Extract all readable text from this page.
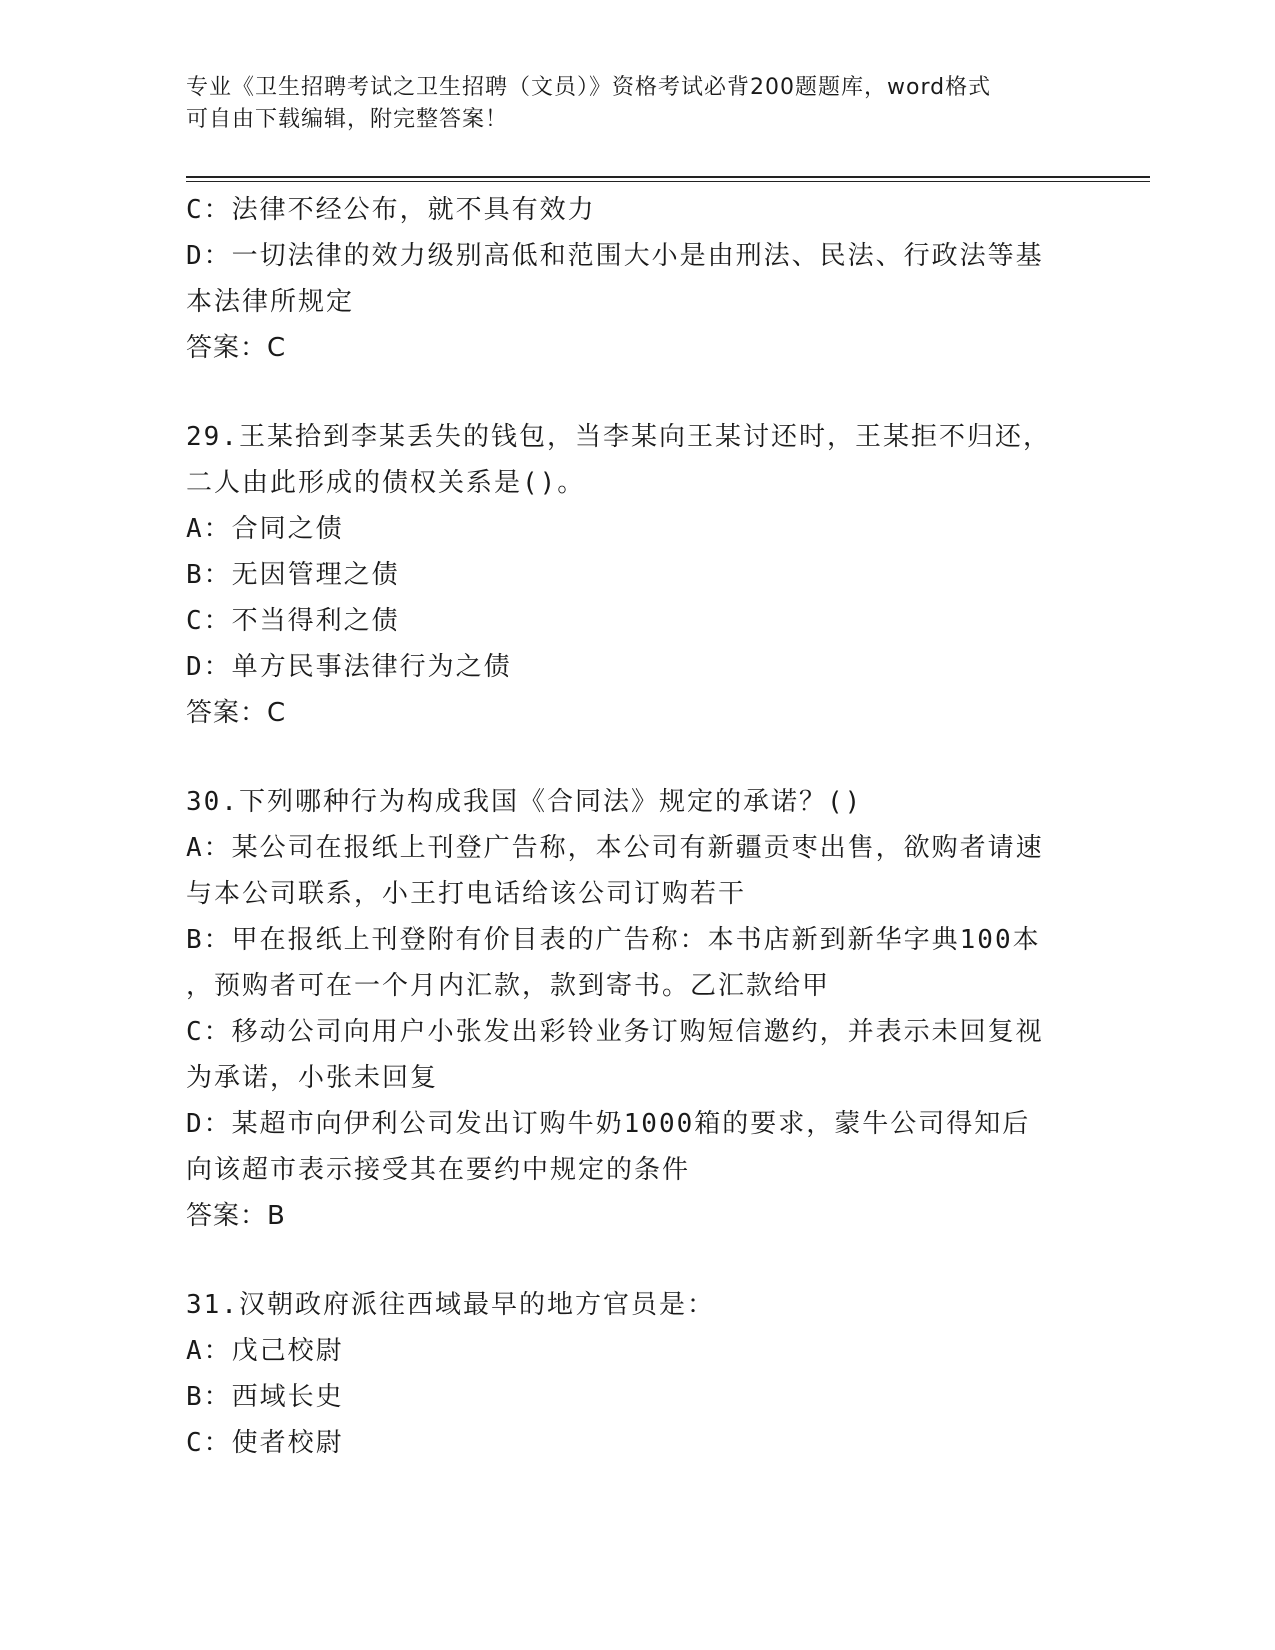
专业《卫生招聘考试之卫生招聘（文员）》资格考试必背200题题库，word格式
可自由下载编辑，附完整答案！
C：法律不经公布，就不具有效力
D：一切法律的效力级别高低和范围大小是由刑法、民法、行政法等基
本法律所规定
答案：C
29.王某拾到李某丢失的钱包，当李某向王某讨还时，王某拒不归还，
二人由此形成的债权关系是()。
A：合同之债
B：无因管理之债
C：不当得利之债
D：单方民事法律行为之债
答案：C
30.下列哪种行为构成我国《合同法》规定的承诺？()
A：某公司在报纸上刊登广告称，本公司有新疆贡枣出售，欲购者请速
与本公司联系，小王打电话给该公司订购若干
B：甲在报纸上刊登附有价目表的广告称：本书店新到新华字典100本
，预购者可在一个月内汇款，款到寄书。乙汇款给甲
C：移动公司向用户小张发出彩铃业务订购短信邀约，并表示未回复视
为承诺，小张未回复
D：某超市向伊利公司发出订购牛奶1000箱的要求，蒙牛公司得知后
向该超市表示接受其在要约中规定的条件
答案：B
31.汉朝政府派往西域最早的地方官员是：
A：戊己校尉
B：西域长史
C：使者校尉
